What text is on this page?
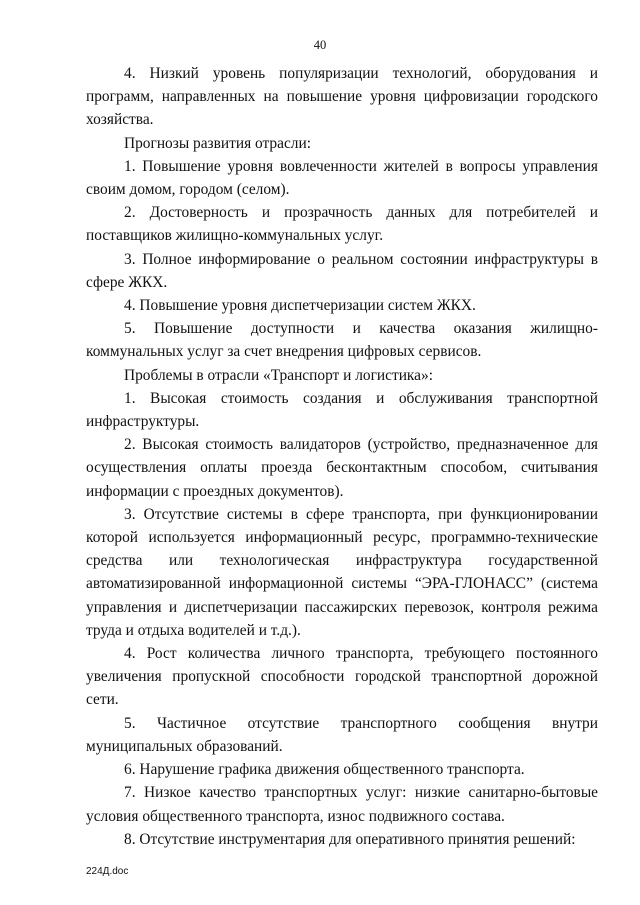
40

4. Низкий уровень популяризации технологий, оборудования и программ, направленных на повышение уровня цифровизации городского хозяйства.

Прогнозы развития отрасли:

1. Повышение уровня вовлеченности жителей в вопросы управления своим домом, городом (селом).

2. Достоверность и прозрачность данных для потребителей и поставщиков жилищно-коммунальных услуг.

3. Полное информирование о реальном состоянии инфраструктуры в сфере ЖКХ.

4. Повышение уровня диспетчеризации систем ЖКХ.

5. Повышение доступности и качества оказания жилищно-коммунальных услуг за счет внедрения цифровых сервисов.

Проблемы в отрасли «Транспорт и логистика»:

1. Высокая стоимость создания и обслуживания транспортной инфраструктуры.

2. Высокая стоимость валидаторов (устройство, предназначенное для осуществления оплаты проезда бесконтактным способом, считывания информации с проездных документов).

3. Отсутствие системы в сфере транспорта, при функционировании которой используется информационный ресурс, программно-технические средства или технологическая инфраструктура государственной автоматизированной информационной системы “ЭРА-ГЛОНАСС” (система управления и диспетчеризации пассажирских перевозок, контроля режима труда и отдыха водителей и т.д.).

4. Рост количества личного транспорта, требующего постоянного увеличения пропускной способности городской транспортной дорожной сети.

5. Частичное отсутствие транспортного сообщения внутри муниципальных образований.

6. Нарушение графика движения общественного транспорта.

7. Низкое качество транспортных услуг: низкие санитарно-бытовые условия общественного транспорта, износ подвижного состава.

8. Отсутствие инструментария для оперативного принятия решений:

224Д.doc
